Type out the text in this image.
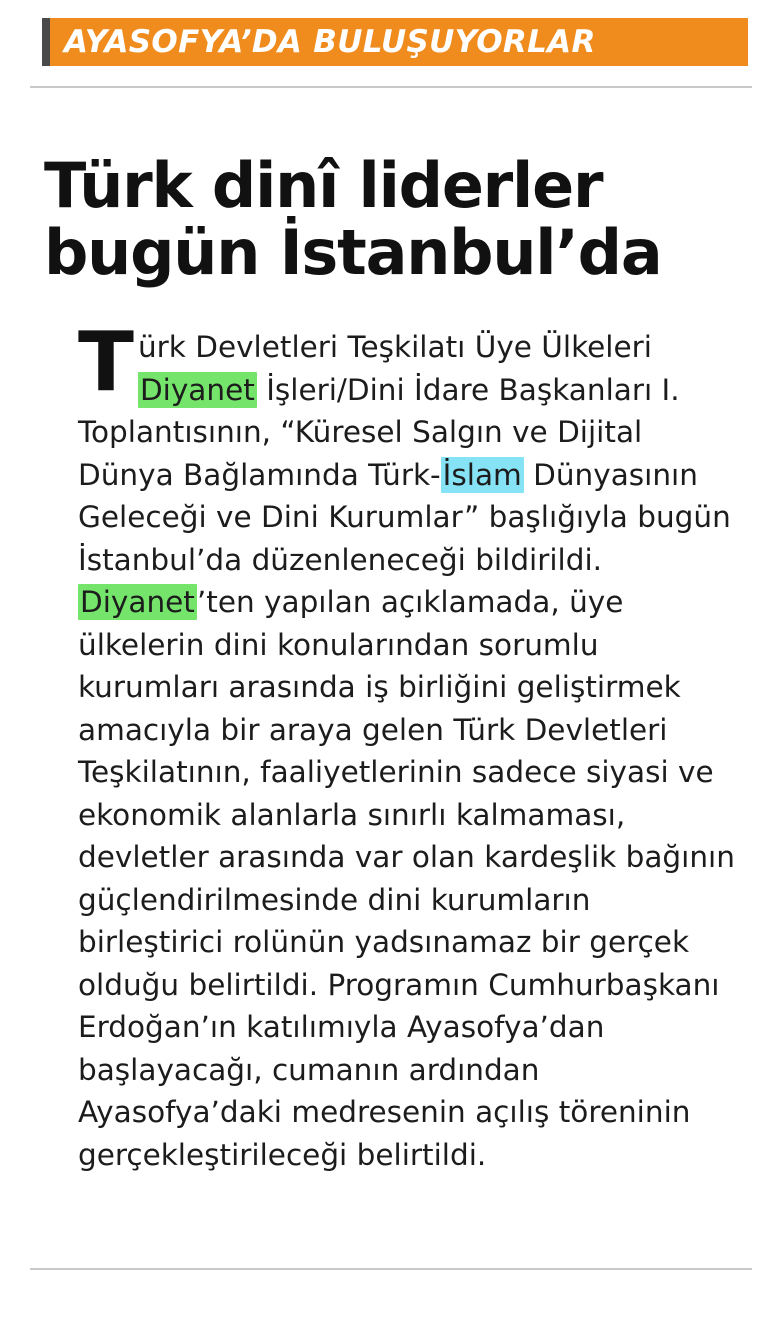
AYASOFYA’DA BULUŞUYORLAR
Türk dinî liderler
bugün İstanbul’da

Türk Devletleri Teşkilatı Üye Ülkeleri Diyanet İşleri/Dini İdare Başkanları I. Toplantısının, “Küresel Salgın ve Dijital Dünya Bağlamında Türk-İslam Dünyasının Geleceği ve Dini Kurumlar” başlığıyla bugün İstanbul’da düzenleneceği bildirildi. Diyanet’ten yapılan açıklamada, üye ülkelerin dini konularından sorumlu kurumları arasında iş birliğini geliştirmek amacıyla bir araya gelen Türk Devletleri Teşkilatının, faaliyetlerinin sadece siyasi ve ekonomik alanlarla sınırlı kalmaması, devletler arasında var olan kardeşlik bağının güçlendirilmesinde dini kurumların birleştirici rolünün yadsınamaz bir gerçek olduğu belirtildi. Programın Cumhurbaşkanı Erdoğan’ın katılımıyla Ayasofya’dan başlayacağı, cumanın ardından Ayasofya’daki medresenin açılış töreninin gerçekleştirileceği belirtildi.
